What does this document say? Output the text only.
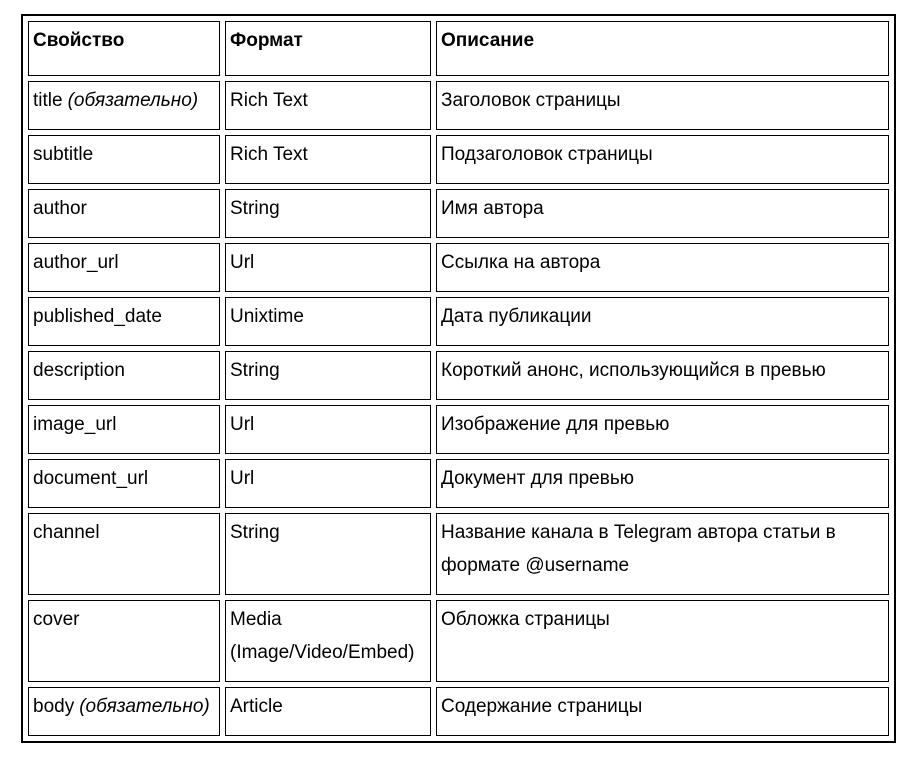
Свойство	Формат	Описание
title (обязательно)	Rich Text	Заголовок страницы
subtitle	Rich Text	Подзаголовок страницы
author	String	Имя автора
author_url	Url	Ссылка на автора
published_date	Unixtime	Дата публикации
description	String	Короткий анонс, использующийся в превью
image_url	Url	Изображение для превью
document_url	Url	Документ для превью
channel	String	Название канала в Telegram автора статьи в формате @username
cover	Media (Image/Video/Embed)	Обложка страницы
body (обязательно)	Article	Содержание страницы
